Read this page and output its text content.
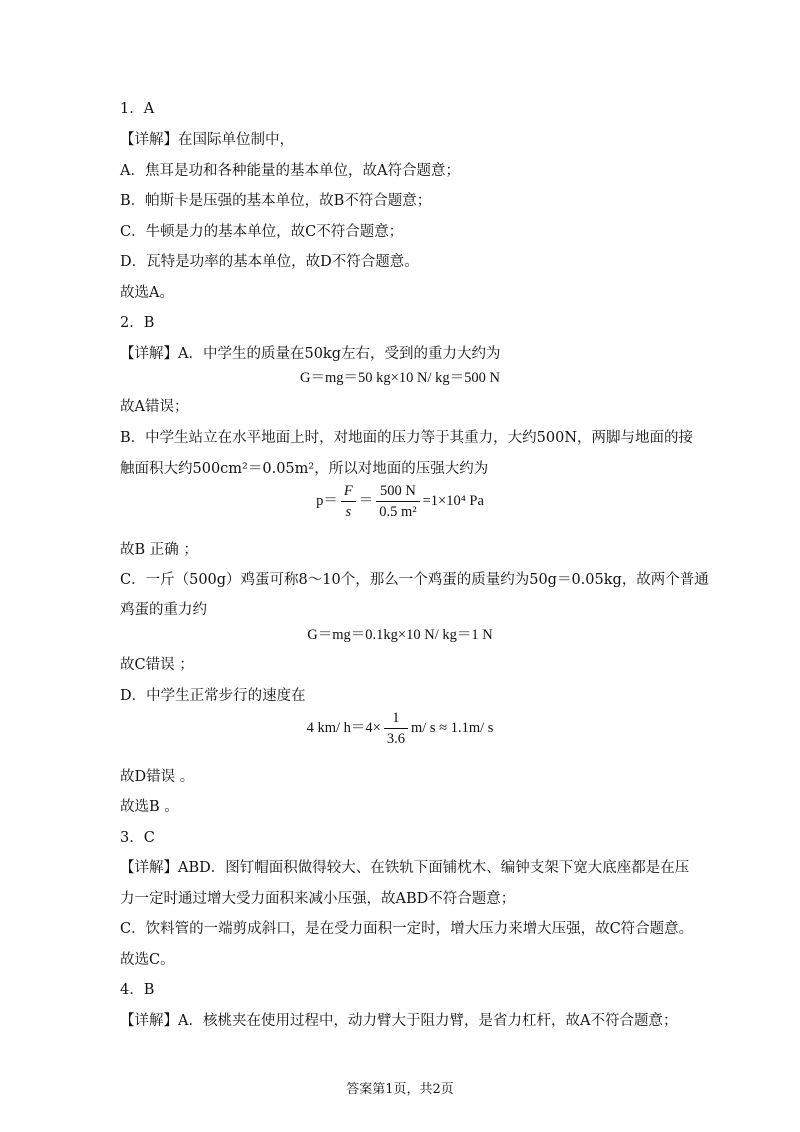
1．A
【详解】在国际单位制中，
A．焦耳是功和各种能量的基本单位，故A符合题意；
B．帕斯卡是压强的基本单位，故B不符合题意；
C．牛顿是力的基本单位，故C不符合题意；
D．瓦特是功率的基本单位，故D不符合题意。
故选A。
2．B
【详解】A．中学生的质量在50kg左右，受到的重力大约为
G＝mg＝50 kg×10 N/ kg＝500 N
故A错误；
B．中学生站立在水平地面上时，对地面的压力等于其重力，大约500N，两脚与地面的接
触面积大约500cm²＝0.05m²，所以对地面的压强大约为
$p= \frac{F}{s} = \frac{500 N}{\text{0.5 m²}} =1\times 10^4$ Pa
故B 正确 ；
C．一斤（500g）鸡蛋可称8～10个，那么一个鸡蛋的质量约为50g＝0.05kg，故两个普通
鸡蛋的重力约
G＝mg＝0.1kg×10 N/ kg＝1 N
故C错误 ；
D．中学生正常步行的速度在
4 km/ $h=4\times \frac{1}{3.6} m/$ s ≈ 1.1m/ s
故D错误 。
故选B 。
3．C
【详解】ABD．图钉帽面积做得较大、在铁轨下面铺枕木、编钟支架下宽大底座都是在压
力一定时通过增大受力面积来减小压强，故ABD不符合题意；
C．饮料管的一端剪成斜口，是在受力面积一定时，增大压力来增大压强，故C符合题意。
故选C。
4．B
【详解】A．核桃夹在使用过程中，动力臂大于阻力臂，是省力杠杆，故A不符合题意；
答案第1页，共2页
